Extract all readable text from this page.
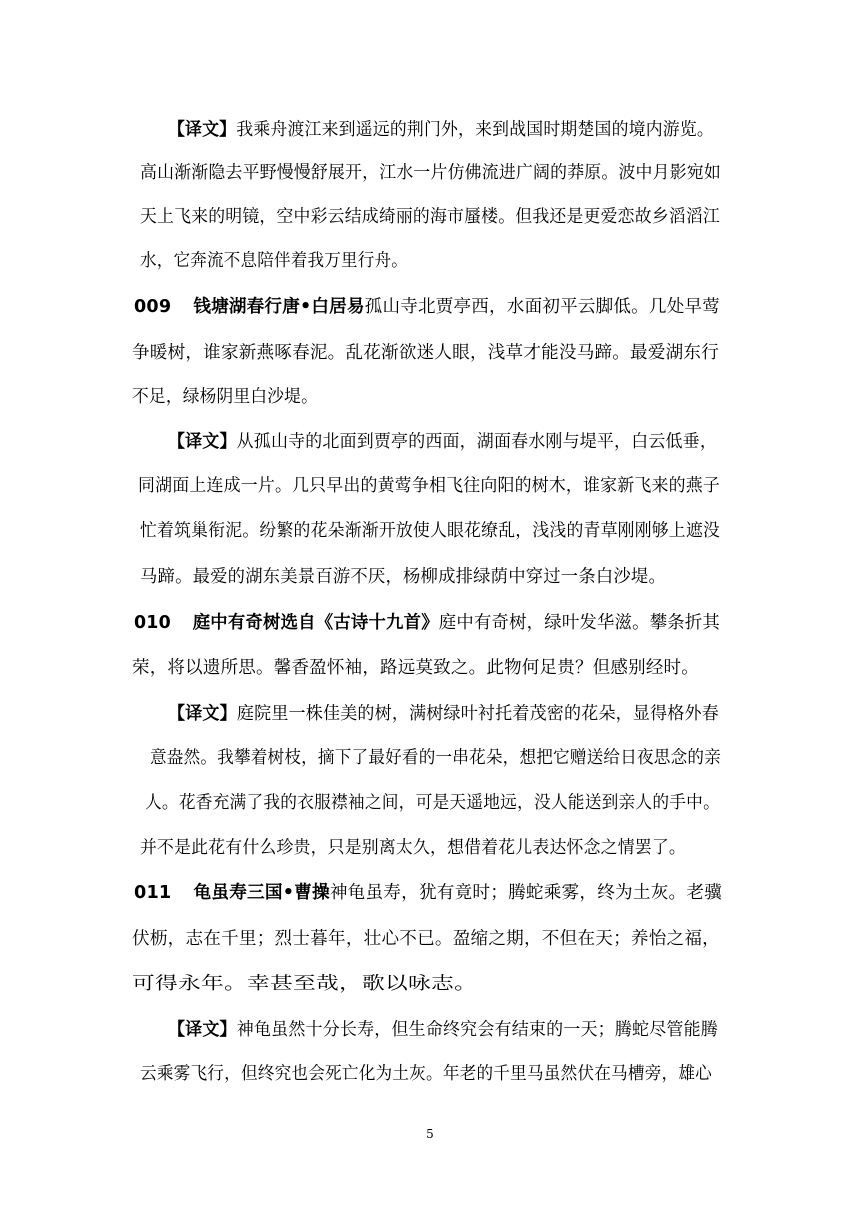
【译文】我乘舟渡江来到遥远的荆门外，来到战国时期楚国的境内游览。
高山渐渐隐去平野慢慢舒展开，江水一片仿佛流进广阔的莽原。波中月影宛如
天上飞来的明镜，空中彩云结成绮丽的海市蜃楼。但我还是更爱恋故乡滔滔江
水，它奔流不息陪伴着我万里行舟。
009 钱塘湖春行唐•白居易孤山寺北贾亭西，水面初平云脚低。几处早莺
争暖树，谁家新燕啄春泥。乱花渐欲迷人眼，浅草才能没马蹄。最爱湖东行
不足，绿杨阴里白沙堤。
【译文】从孤山寺的北面到贾亭的西面，湖面春水刚与堤平，白云低垂，
同湖面上连成一片。几只早出的黄莺争相飞往向阳的树木，谁家新飞来的燕子
忙着筑巢衔泥。纷繁的花朵渐渐开放使人眼花缭乱，浅浅的青草刚刚够上遮没
马蹄。最爱的湖东美景百游不厌，杨柳成排绿荫中穿过一条白沙堤。
010 庭中有奇树选自《古诗十九首》庭中有奇树，绿叶发华滋。攀条折其
荣，将以遗所思。馨香盈怀袖，路远莫致之。此物何足贵？但感别经时。
【译文】庭院里一株佳美的树，满树绿叶衬托着茂密的花朵，显得格外春
意盎然。我攀着树枝，摘下了最好看的一串花朵，想把它赠送给日夜思念的亲
人。花香充满了我的衣服襟袖之间，可是天遥地远，没人能送到亲人的手中。
并不是此花有什么珍贵，只是别离太久，想借着花儿表达怀念之情罢了。
011 龟虽寿三国•曹操神龟虽寿，犹有竟时；腾蛇乘雾，终为土灰。老骥
伏枥，志在千里；烈士暮年，壮心不已。盈缩之期，不但在天；养怡之福，
可得永年。幸甚至哉，歌以咏志。
【译文】神龟虽然十分长寿，但生命终究会有结束的一天；腾蛇尽管能腾
云乘雾飞行，但终究也会死亡化为土灰。年老的千里马虽然伏在马槽旁，雄心
5
